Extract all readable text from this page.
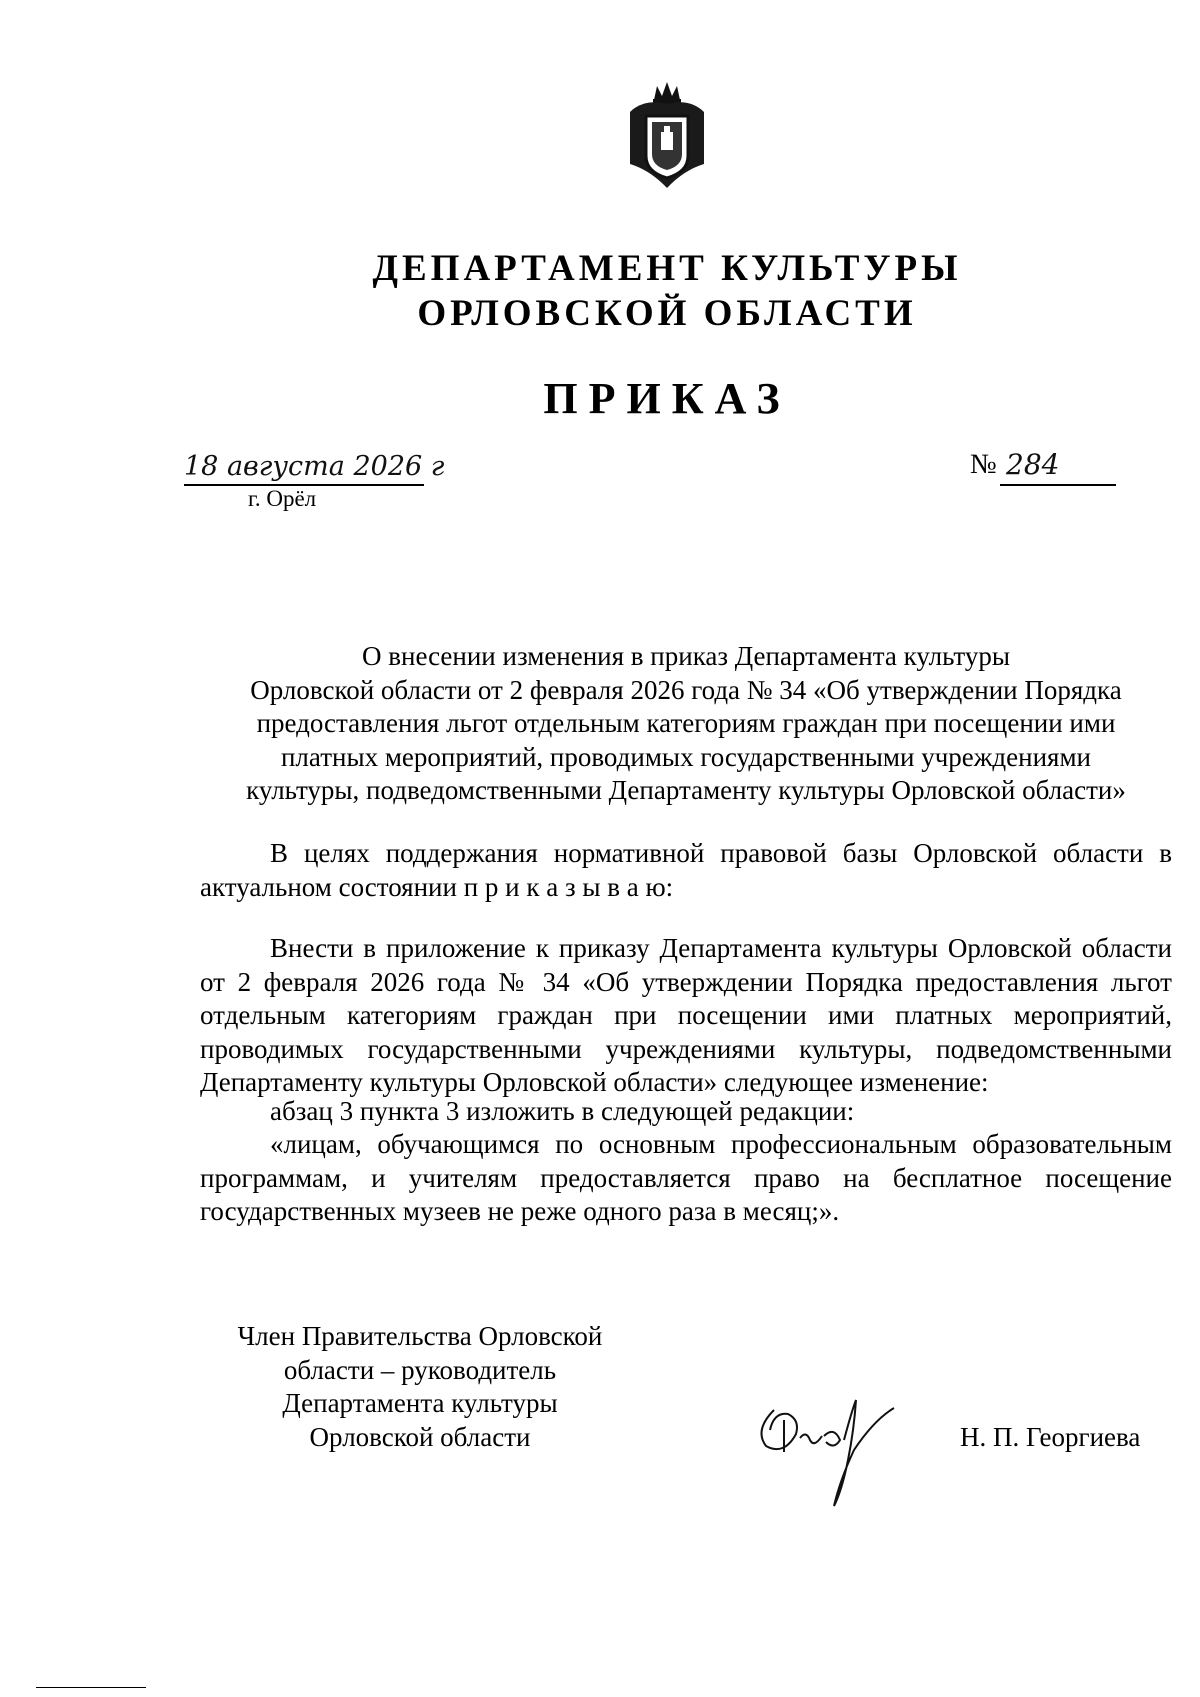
ДЕПАРТАМЕНТ КУЛЬТУРЫ
ОРЛОВСКОЙ ОБЛАСТИ
ПРИКАЗ
18 августа 2026 г
г. Орёл
№ 284
О внесении изменения в приказ Департамента культуры
Орловской области от 2 февраля 2026 года № 34 «Об утверждении Порядка
предоставления льгот отдельным категориям граждан при посещении ими
платных мероприятий, проводимых государственными учреждениями
культуры, подведомственными Департаменту культуры Орловской области»
В целях поддержания нормативной правовой базы Орловской области в актуальном состоянии п р и к а з ы в а ю:
Внести в приложение к приказу Департамента культуры Орловской области от 2 февраля 2026 года № 34 «Об утверждении Порядка предоставления льгот отдельным категориям граждан при посещении ими платных мероприятий, проводимых государственными учреждениями культуры, подведомственными Департаменту культуры Орловской области» следующее изменение:
абзац 3 пункта 3 изложить в следующей редакции:
«лицам, обучающимся по основным профессиональным образовательным программам, и учителям предоставляется право на бесплатное посещение государственных музеев не реже одного раза в месяц;».
Член Правительства Орловской
области – руководитель
Департамента культуры
Орловской области	Н. П. Георгиева
